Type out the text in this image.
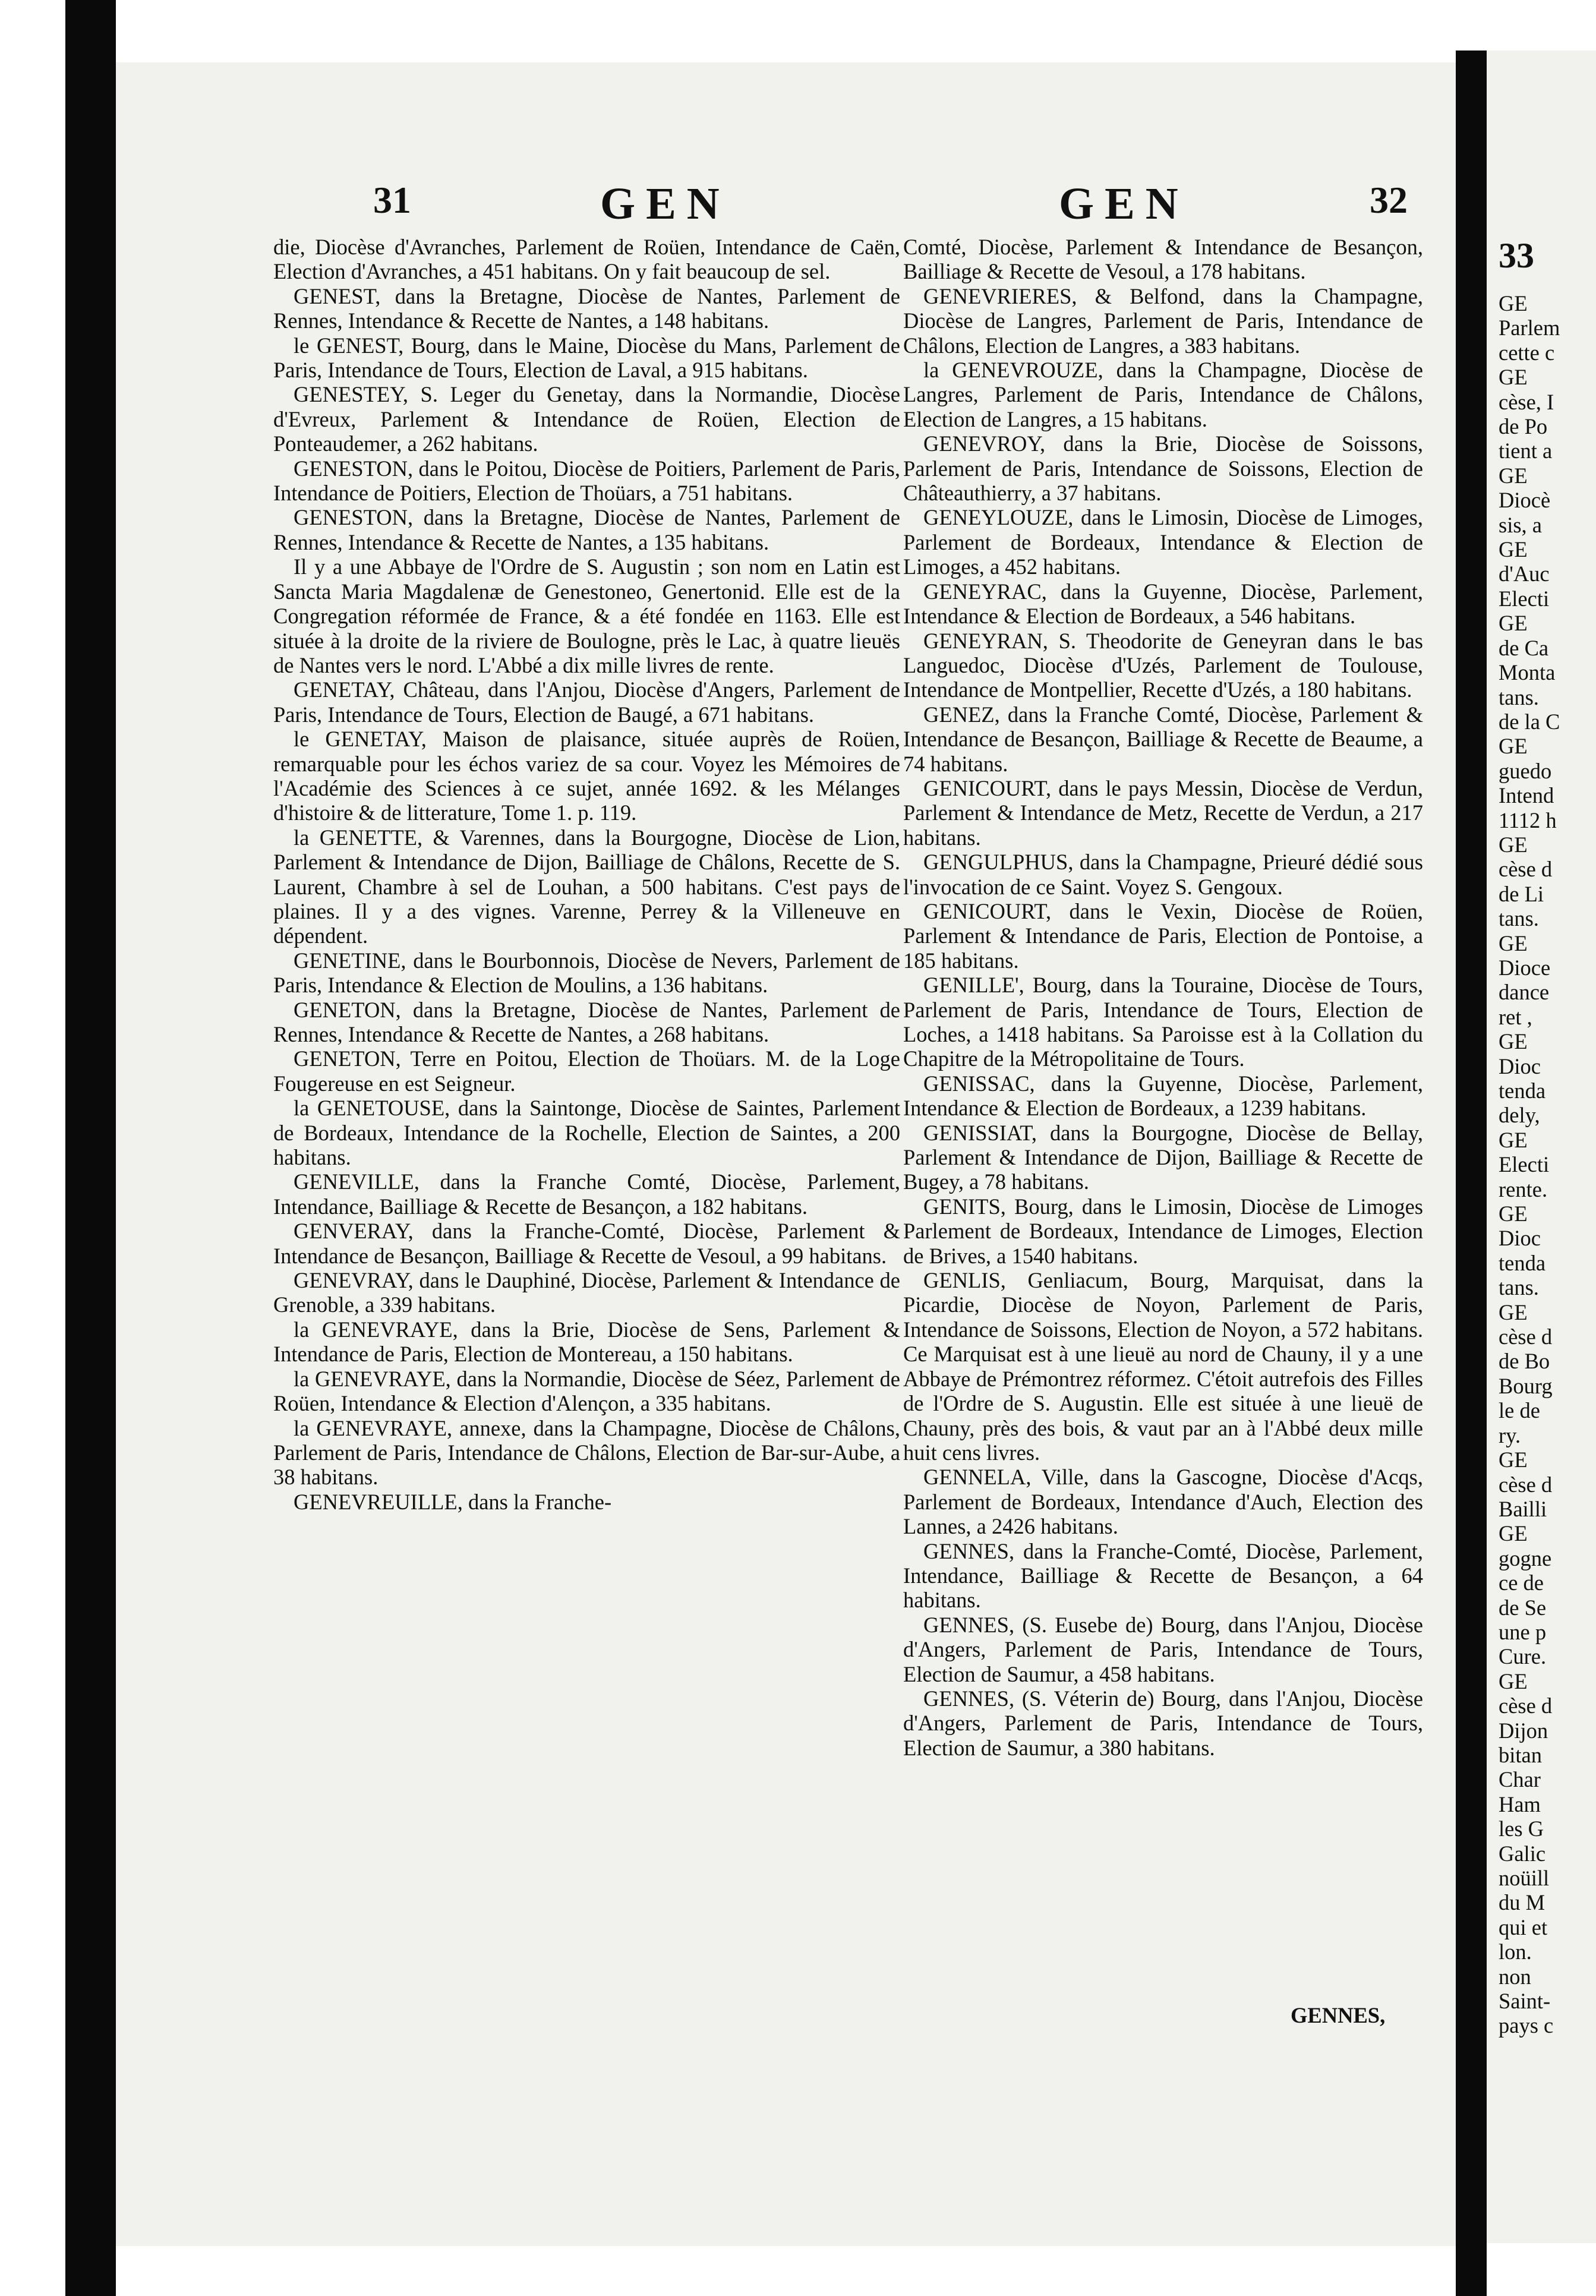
31	GEN	GEN	32

die, Diocèse d'Avranches, Parlement de Roüen, Intendance de Caën, Election d'Avranches, a 451 habitans. On y fait beaucoup de sel.

GENEST, dans la Bretagne, Diocèse de Nantes, Parlement de Rennes, Intendance & Recette de Nantes, a 148 habitans.

le GENEST, Bourg, dans le Maine, Diocèse du Mans, Parlement de Paris, Intendance de Tours, Election de Laval, a 915 habitans.

GENESTEY, S. Leger du Genetay, dans la Normandie, Diocèse d'Evreux, Parlement & Intendance de Roüen, Election de Ponteaudemer, a 262 habitans.

GENESTON, dans le Poitou, Diocèse de Poitiers, Parlement de Paris, Intendance de Poitiers, Election de Thoüars, a 751 habitans.

GENESTON, dans la Bretagne, Diocèse de Nantes, Parlement de Rennes, Intendance & Recette de Nantes, a 135 habitans.

Il y a une Abbaye de l'Ordre de S. Augustin ; son nom en Latin est Sancta Maria Magdalenæ de Genestoneo, Genertonid. Elle est de la Congregation réformée de France, & a été fondée en 1163. Elle est située à la droite de la riviere de Boulogne, près le Lac, à quatre lieuës de Nantes vers le nord. L'Abbé a dix mille livres de rente.

GENETAY, Château, dans l'Anjou, Diocèse d'Angers, Parlement de Paris, Intendance de Tours, Election de Baugé, a 671 habitans.

le GENETAY, Maison de plaisance, située auprès de Roüen, remarquable pour les échos variez de sa cour. Voyez les Mémoires de l'Académie des Sciences à ce sujet, année 1692. & les Mélanges d'histoire & de litterature, Tome 1. p. 119.

la GENETTE, & Varennes, dans la Bourgogne, Diocèse de Lion, Parlement & Intendance de Dijon, Bailliage de Châlons, Recette de S. Laurent, Chambre à sel de Louhan, a 500 habitans. C'est pays de plaines. Il y a des vignes. Varenne, Perrey & la Villeneuve en dépendent.

GENETINE, dans le Bourbonnois, Diocèse de Nevers, Parlement de Paris, Intendance & Election de Moulins, a 136 habitans.

GENETON, dans la Bretagne, Diocèse de Nantes, Parlement de Rennes, Intendance & Recette de Nantes, a 268 habitans.

GENETON, Terre en Poitou, Election de Thoüars. M. de la Loge Fougereuse en est Seigneur.

la GENETOUSE, dans la Saintonge, Diocèse de Saintes, Parlement de Bordeaux, Intendance de la Rochelle, Election de Saintes, a 200 habitans.

GENEVILLE, dans la Franche Comté, Diocèse, Parlement, Intendance, Bailliage & Recette de Besançon, a 182 habitans.

GENVERAY, dans la Franche-Comté, Diocèse, Parlement & Intendance de Besançon, Bailliage & Recette de Vesoul, a 99 habitans.

GENEVRAY, dans le Dauphiné, Diocèse, Parlement & Intendance de Grenoble, a 339 habitans.

la GENEVRAYE, dans la Brie, Diocèse de Sens, Parlement & Intendance de Paris, Election de Montereau, a 150 habitans.

la GENEVRAYE, dans la Normandie, Diocèse de Séez, Parlement de Roüen, Intendance & Election d'Alençon, a 335 habitans.

la GENEVRAYE, annexe, dans la Champagne, Diocèse de Châlons, Parlement de Paris, Intendance de Châlons, Election de Bar-sur-Aube, a 38 habitans.

GENEVREUILLE, dans la Franche-

Comté, Diocèse, Parlement & Intendance de Besançon, Bailliage & Recette de Vesoul, a 178 habitans.

GENEVRIERES, & Belfond, dans la Champagne, Diocèse de Langres, Parlement de Paris, Intendance de Châlons, Election de Langres, a 383 habitans.

la GENEVROUZE, dans la Champagne, Diocèse de Langres, Parlement de Paris, Intendance de Châlons, Election de Langres, a 15 habitans.

GENEVROY, dans la Brie, Diocèse de Soissons, Parlement de Paris, Intendance de Soissons, Election de Châteauthierry, a 37 habitans.

GENEYLOUZE, dans le Limosin, Diocèse de Limoges, Parlement de Bordeaux, Intendance & Election de Limoges, a 452 habitans.

GENEYRAC, dans la Guyenne, Diocèse, Parlement, Intendance & Election de Bordeaux, a 546 habitans.

GENEYRAN, S. Theodorite de Geneyran dans le bas Languedoc, Diocèse d'Uzés, Parlement de Toulouse, Intendance de Montpellier, Recette d'Uzés, a 180 habitans.

GENEZ, dans la Franche Comté, Diocèse, Parlement & Intendance de Besançon, Bailliage & Recette de Beaume, a 74 habitans.

GENICOURT, dans le pays Messin, Diocèse de Verdun, Parlement & Intendance de Metz, Recette de Verdun, a 217 habitans.

GENGULPHUS, dans la Champagne, Prieuré dédié sous l'invocation de ce Saint. Voyez S. Gengoux.

GENICOURT, dans le Vexin, Diocèse de Roüen, Parlement & Intendance de Paris, Election de Pontoise, a 185 habitans.

GENILLE', Bourg, dans la Touraine, Diocèse de Tours, Parlement de Paris, Intendance de Tours, Election de Loches, a 1418 habitans. Sa Paroisse est à la Collation du Chapitre de la Métropolitaine de Tours.

GENISSAC, dans la Guyenne, Diocèse, Parlement, Intendance & Election de Bordeaux, a 1239 habitans.

GENISSIAT, dans la Bourgogne, Diocèse de Bellay, Parlement & Intendance de Dijon, Bailliage & Recette de Bugey, a 78 habitans.

GENITS, Bourg, dans le Limosin, Diocèse de Limoges Parlement de Bordeaux, Intendance de Limoges, Election de Brives, a 1540 habitans.

GENLIS, Genliacum, Bourg, Marquisat, dans la Picardie, Diocèse de Noyon, Parlement de Paris, Intendance de Soissons, Election de Noyon, a 572 habitans. Ce Marquisat est à une lieuë au nord de Chauny, il y a une Abbaye de Prémontrez réformez. C'étoit autrefois des Filles de l'Ordre de S. Augustin. Elle est située à une lieuë de Chauny, près des bois, & vaut par an à l'Abbé deux mille huit cens livres.

GENNELA, Ville, dans la Gascogne, Diocèse d'Acqs, Parlement de Bordeaux, Intendance d'Auch, Election des Lannes, a 2426 habitans.

GENNES, dans la Franche-Comté, Diocèse, Parlement, Intendance, Bailliage & Recette de Besançon, a 64 habitans.

GENNES, (S. Eusebe de) Bourg, dans l'Anjou, Diocèse d'Angers, Parlement de Paris, Intendance de Tours, Election de Saumur, a 458 habitans.

GENNES, (S. Véterin de) Bourg, dans l'Anjou, Diocèse d'Angers, Parlement de Paris, Intendance de Tours, Election de Saumur, a 380 habitans.

GENNES,
33
GE
Parlem
cette c
GE
cèse, I
de Po
tient a
GE
Diocè
sis, a
GE
d'Auc
Electi
GE
de Ca
Monta
tans.
de la C
GE
guedo
Intend
1112 h
GE
cèse d
de Li
tans.
GE
Dioce
dance
ret ,
GE
Dioc
tenda
dely,
GE
Electi
rente.
GE
Dioc
tenda
tans.
GE
cèse d
de Bo
Bourg
le de
ry.
GE
cèse d
Bailli
GE
gogne
ce de
de Se
une p
Cure.
GE
cèse d
Dijon
bitan
Char
Ham
les G
Galic
noüill
du M
qui et
lon.
non
Saint-
pays c
